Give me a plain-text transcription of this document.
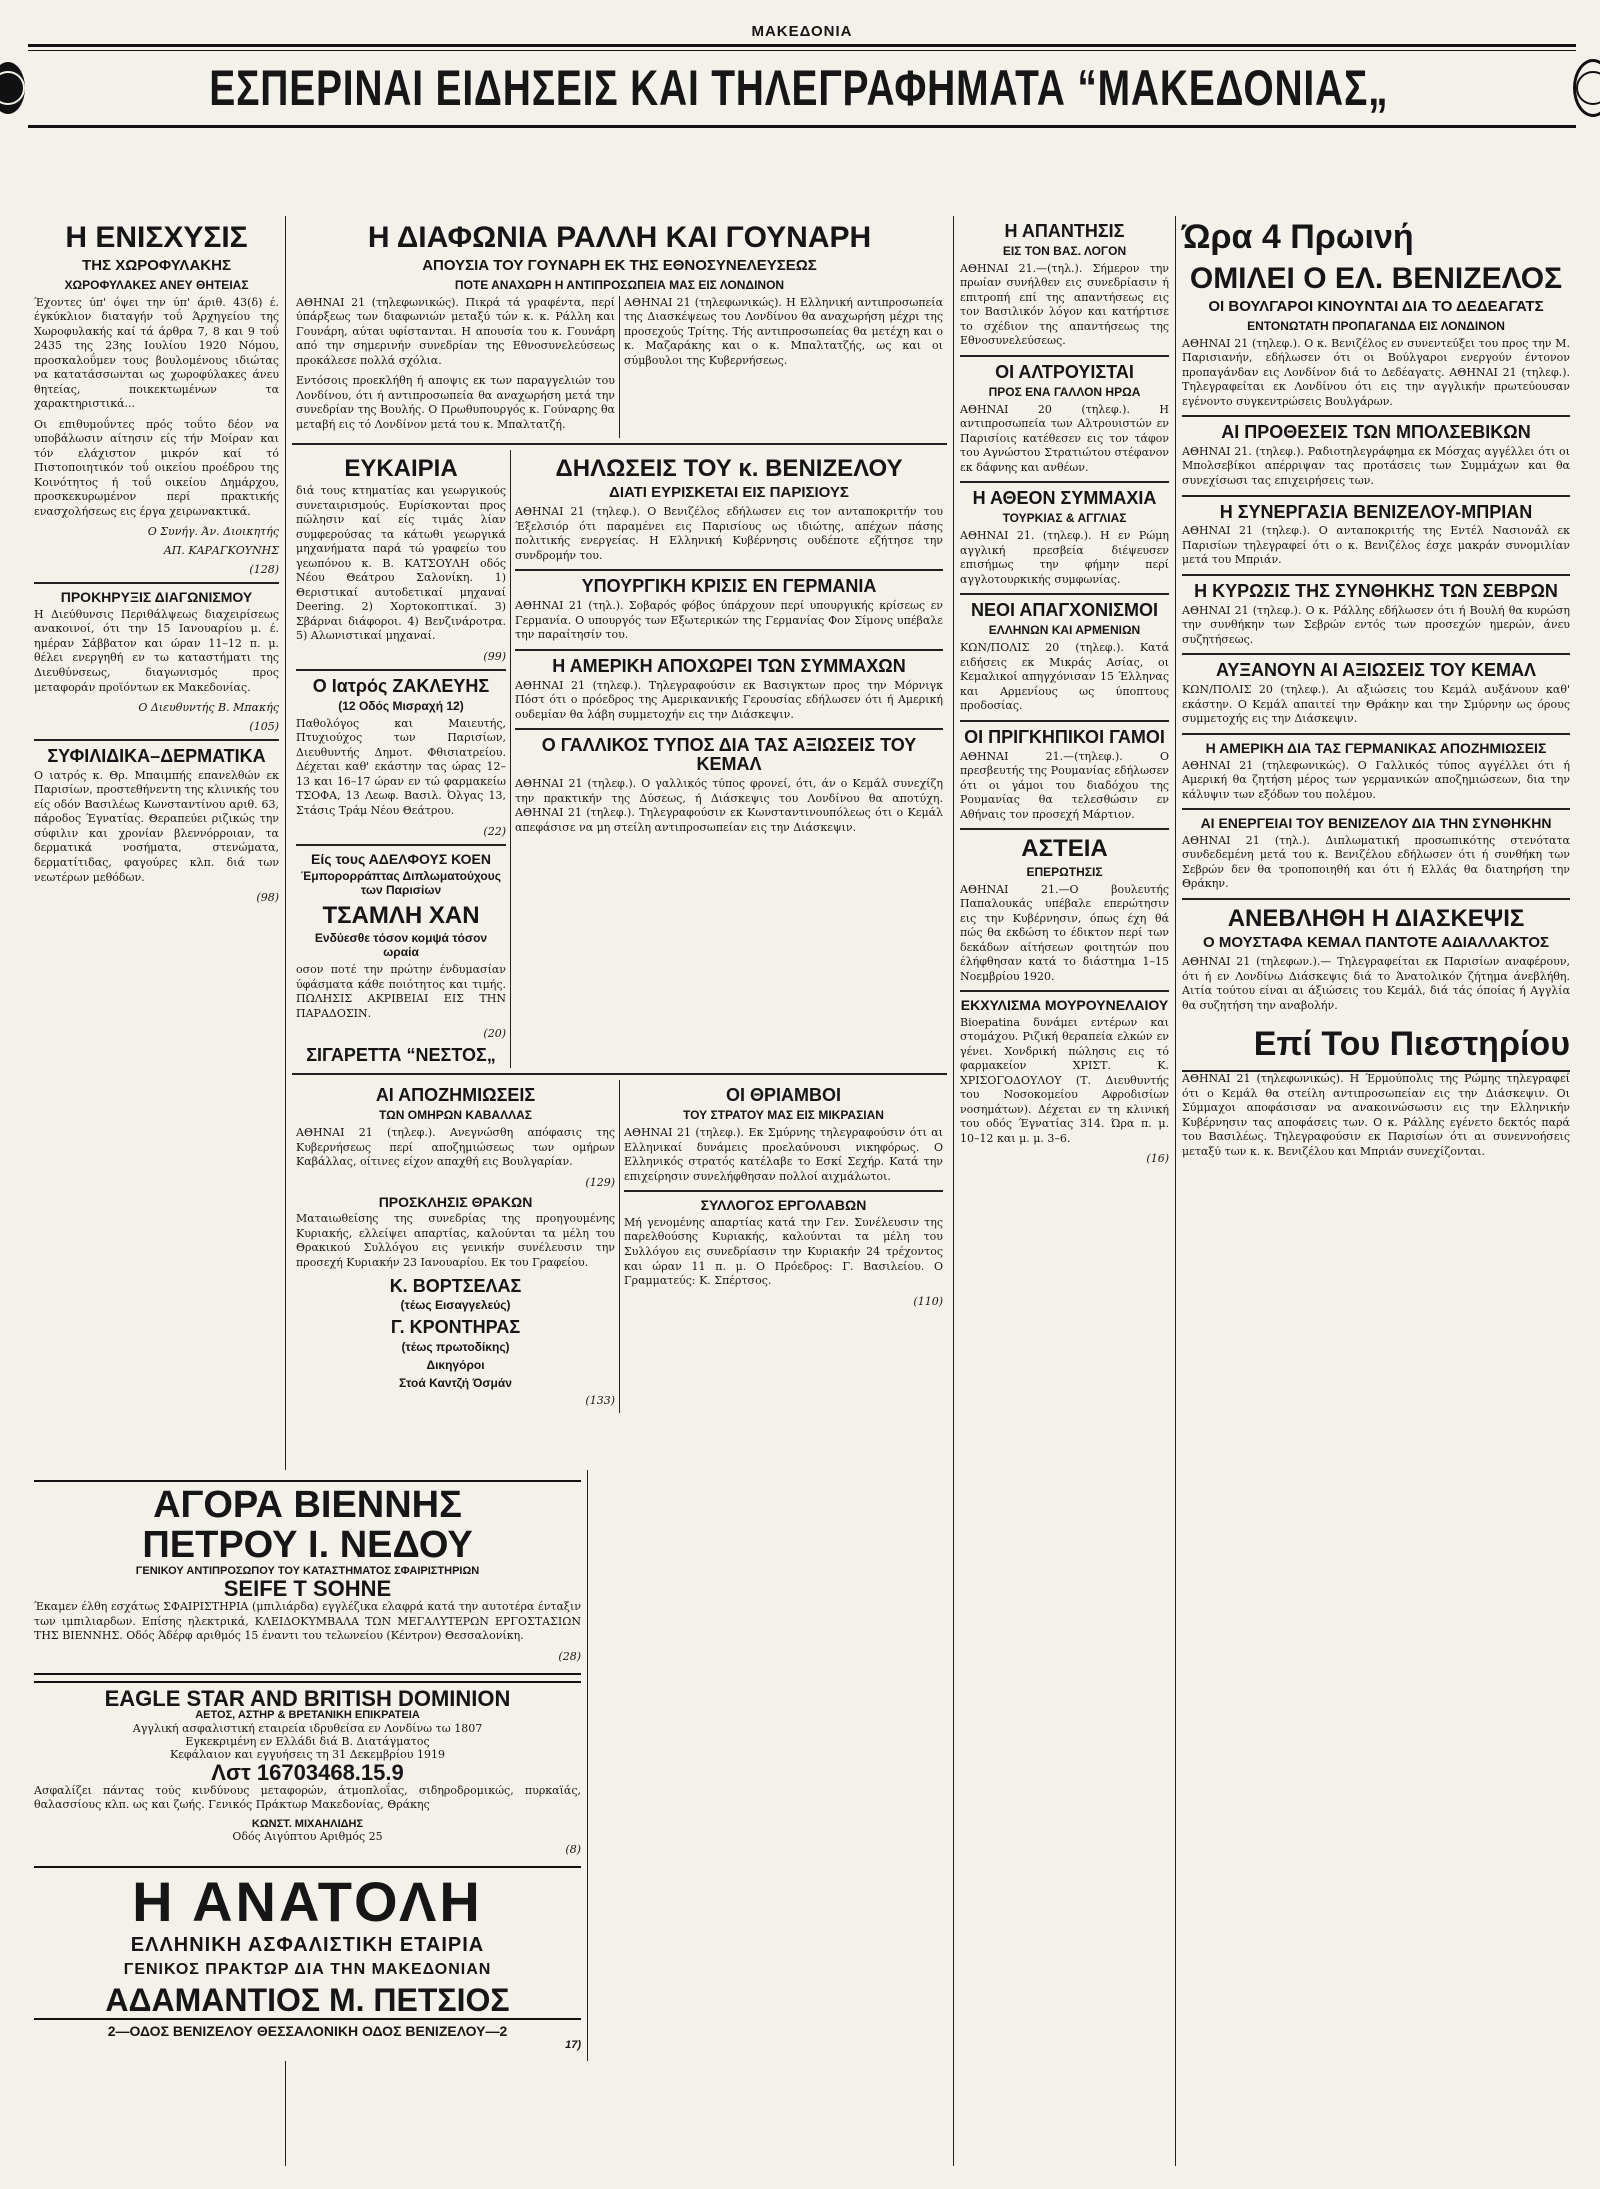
ΜΑΚΕΔΟΝΙΑ
ΕΣΠΕΡΙΝΑΙ ΕΙΔΗΣΕΙΣ ΚΑΙ ΤΗΛΕΓΡΑΦΗΜΑΤΑ “ΜΑΚΕΔΟΝΙΑΣ„
Η ΕΝΙΣΧΥΣΙΣ
ΤΗΣ ΧΩΡΟΦΥΛΑΚΗΣ
ΧΩΡΟΦΥΛΑΚΕΣ ΑΝΕΥ ΘΗΤΕΙΑΣ

Έχοντες ύπ' όψει την ύπ' άριθ. 43(δ) έ. έγκύκλιον διαταγήν τοΰ Άρχηγείου της Χωροφυλακής καί τά άρθρα 7, 8 και 9 τοΰ 2435 της 23ης Ιουλίου 1920 Νόμου, προσκαλοΰμεν τους βουλομένους ιδιώτας να κατατάσσωνται ως χωροφύλακες άνευ θητείας, ποικεκτωμένων τα χαρακτηριστικά...

Οι επιθυμοΰντες πρός τοΰτο δέον να υποβάλωσιν αίτησιν είς τήν Μοίραν και τόν ελάχιστον μικρόν καί τό Πιστοποιητικόν τοΰ οικείου προέδρου της Κοινότητος ή τοΰ οικείου Δημάρχου, προσκεκυρωμένον περί πρακτικής ενασχολήσεως εις έργα χειρωνακτικά.

Ο Συνήγ. Άν. Διοικητής
ΑΠ. ΚΑΡΑΓΚΟΥΝΗΣ
(128)
ΠΡΟΚΗΡΥΞΙΣ ΔΙΑΓΩΝΙΣΜΟΥ

Η Διεύθυνσις Περιθάλψεως διαχειρίσεως ανακοινοί, ότι την 15 Ιανουαρίου μ. έ. ημέραν Σάββατον και ώραν 11–12 π. μ. θέλει ενεργηθή εν τω καταστήματι της Διευθύνσεως, διαγωνισμός προς μεταφοράν προϊόντων εκ Μακεδονίας.

Ο Διευθυντής Β. Μπακής
(105)
ΣΥΦΙΛΙΔΙΚΑ–ΔΕΡΜΑΤΙΚΑ

Ο ιατρός κ. Θρ. Μπαιμπής επανελθών εκ Παρισίων, προστεθήνεντη της κλινικής του είς οδόν Βασιλέως Κωνσταντίνου αριθ. 63, πάροδος Έγνατίας. Θεραπεύει ριζικώς την σύφιλιν και χρονίαν βλεννόρροιαν, τα δερματικά νοσήματα, στενώματα, δερματίτιδας, φαγούρες κλπ. διά των νεωτέρων μεθόδων.

(98)
Η ΔΙΑΦΩΝΙΑ ΡΑΛΛΗ ΚΑΙ ΓΟΥΝΑΡΗ
ΑΠΟΥΣΙΑ ΤΟΥ ΓΟΥΝΑΡΗ ΕΚ ΤΗΣ ΕΘΝΟΣΥΝΕΛΕΥΣΕΩΣ
ΠΟΤΕ ΑΝΑΧΩΡΗ Η ΑΝΤΙΠΡΟΣΩΠΕΙΑ ΜΑΣ ΕΙΣ ΛΟΝΔΙΝΟΝ

ΑΘΗΝΑΙ 21 (τηλεφωνικώς). Πικρά τά γραφέντα, περί ύπάρξεως των διαφωνιών μεταξύ τών κ. κ. Ράλλη και Γουνάρη, αύται υφίστανται. Η απουσία του κ. Γουνάρη από την σημερινήν συνεδρίαν της Εθνοσυνελεύσεως προκάλεσε πολλά σχόλια.

Εντόσοις προεκλήθη ή αποψις εκ των παραγγελιών του Λονδίνου, ότι ή αντιπροσωπεία θα αναχωρήση μετά την συνεδρίαν της Βουλής. Ο Πρωθυπουργός κ. Γούναρης θα μεταβή εις τό Λονδίνον μετά του κ. Μπαλτατζή.

ΑΘΗΝΑΙ 21 (τηλεφωνικώς). Η Ελληνική αντιπροσωπεία της Διασκέψεως του Λονδίνου θα αναχωρήση μέχρι της προσεχούς Τρίτης. Τής αντιπροσωπείας θα μετέχη και ο κ. Μαζαράκης και ο κ. Μπαλτατζής, ως και οι σύμβουλοι της Κυβερνήσεως.

ΕΥΚΑΙΡΙΑ

διά τους κτηματίας και γεωργικούς συνεταιρισμούς. Ευρίσκονται προς πώλησιν καί είς τιμάς λίαν συμφερούσας τα κάτωθι γεωργικά μηχανήματα παρά τώ γραφείω του γεωπόνου κ. Β. ΚΑΤΣΟΥΛΗ οδός Νέου Θεάτρου Σαλονίκη. 1) Θεριστικαί αυτοδετικαί μηχαναί Deering. 2) Χορτοκοπτικαί. 3) Σβάρναι διάφοροι. 4) Βενζινάροτρα. 5) Αλωνιστικαί μηχαναί.

(99)
Ο Ιατρός ΖΑΚΛΕΥΗΣ
(12 Οδός Μισραχή 12)

Παθολόγος και Μαιευτής, Πτυχιούχος των Παρισίων, Διευθυντής Δημοτ. Φθισιατρείου. Δέχεται καθ' εκάστην τας ώρας 12–13 και 16–17 ώραν εν τώ φαρμακείω ΤΣΟΦΑ, 13 Λεωφ. Βασιλ. Όλγας 13, Στάσις Τράμ Νέου Θεάτρου.

(22)
Είς τους ΑΔΕΛΦΟΥΣ ΚΟΕΝ
Έμπορορράπτας Διπλωματούχους των Παρισίων
ΤΣΑΜΛΗ ΧΑΝ
Ενδύεσθε τόσον κομψά τόσον ωραία

οσον ποτέ την πρώτην ένδυμασίαν ύφάσματα κάθε ποιότητος και τιμής. ΠΩΛΗΣΙΣ ΑΚΡΙΒΕΙΑΙ ΕΙΣ ΤΗΝ ΠΑΡΑΔΟΣΙΝ.

(20)
ΣΙΓΑΡΕΤΤΑ “ΝΕΣΤΟΣ„
ΔΗΛΩΣΕΙΣ ΤΟΥ κ. ΒΕΝΙΖΕΛΟΥ
ΔΙΑΤΙ ΕΥΡΙΣΚΕΤΑΙ ΕΙΣ ΠΑΡΙΣΙΟΥΣ

ΑΘΗΝΑΙ 21 (τηλεφ.). Ο Βενιζέλος εδήλωσεν εις τον ανταποκριτήν του Έξελσιόρ ότι παραμένει εις Παρισίους ως ιδιώτης, απέχων πάσης πολιτικής ενεργείας. Η Ελληνική Κυβέρνησις ουδέποτε εζήτησε την συνδρομήν του.

ΥΠΟΥΡΓΙΚΗ ΚΡΙΣΙΣ ΕΝ ΓΕΡΜΑΝΙΑ

ΑΘΗΝΑΙ 21 (τηλ.). Σοβαρός φόβος ύπάρχουν περί υπουργικής κρίσεως εν Γερμανία. Ο υπουργός των Εξωτερικών της Γερμανίας Φον Σίμονς υπέβαλε την παραίτησίν του.

Η ΑΜΕΡΙΚΗ ΑΠΟΧΩΡΕΙ ΤΩΝ ΣΥΜΜΑΧΩΝ

ΑΘΗΝΑΙ 21 (τηλεφ.). Τηλεγραφούσιν εκ Βασιγκτων προς την Μόρνιγκ Πόστ ότι ο πρόεδρος της Αμερικανικής Γερουσίας εδήλωσεν ότι ή Αμερική ουδεμίαν θα λάβη συμμετοχήν εις την Διάσκεψιν.

Ο ΓΑΛΛΙΚΟΣ ΤΥΠΟΣ ΔΙΑ ΤΑΣ ΑΞΙΩΣΕΙΣ ΤΟΥ ΚΕΜΑΛ

ΑΘΗΝΑΙ 21 (τηλεφ.). Ο γαλλικός τύπος φρονεί, ότι, άν ο Κεμάλ συνεχίζη την πρακτικήν της Δύσεως, ή Διάσκεψις του Λονδίνου θα αποτύχη. ΑΘΗΝΑΙ 21 (τηλεφ.). Τηλεγραφούσιν εκ Κωνσταντινουπόλεως ότι ο Κεμάλ απεφάσισε να μη στείλη αντιπροσωπείαν εις την Διάσκεψιν.

ΑΙ ΑΠΟΖΗΜΙΩΣΕΙΣ
ΤΩΝ ΟΜΗΡΩΝ ΚΑΒΑΛΛΑΣ

ΑΘΗΝΑΙ 21 (τηλεφ.). Ανεγνώσθη απόφασις της Κυβερνήσεως περί αποζημιώσεως των ομήρων Καβάλλας, οίτινες είχον απαχθή εις Βουλγαρίαν.

(129)
ΠΡΟΣΚΛΗΣΙΣ ΘΡΑΚΩΝ

Ματαιωθείσης της συνεδρίας της προηγουμένης Κυριακής, ελλείψει απαρτίας, καλούνται τα μέλη του Θρακικού Συλλόγου εις γενικήν συνέλευσιν την προσεχή Κυριακήν 23 Ιανουαρίου. Εκ του Γραφείου.

Κ. ΒΟΡΤΣΕΛΑΣ
(τέως Εισαγγελεύς)
Γ. ΚΡΟΝΤΗΡΑΣ
(τέως πρωτοδίκης)
Δικηγόροι
Στοά Καντζή Όσμάν
(133)
ΟΙ ΘΡΙΑΜΒΟΙ
ΤΟΥ ΣΤΡΑΤΟΥ ΜΑΣ ΕΙΣ ΜΙΚΡΑΣΙΑΝ

ΑΘΗΝΑΙ 21 (τηλεφ.). Εκ Σμύρνης τηλεγραφούσιν ότι αι Ελληνικαί δυνάμεις προελαύνουσι νικηφόρως. Ο Ελληνικός στρατός κατέλαβε το Εσκί Σεχήρ. Κατά την επιχείρησιν συνελήφθησαν πολλοί αιχμάλωτοι.

ΣΥΛΛΟΓΟΣ ΕΡΓΟΛΑΒΩΝ

Μή γενομένης απαρτίας κατά την Γεν. Συνέλευσιν της παρελθούσης Κυριακής, καλούνται τα μέλη του Συλλόγου εις συνεδρίασιν την Κυριακήν 24 τρέχοντος και ώραν 11 π. μ. Ο Πρόεδρος: Γ. Βασιλείου. Ο Γραμματεύς: Κ. Σπέρτσος.

(110)
Η ΑΠΑΝΤΗΣΙΣ
ΕΙΣ ΤΟΝ ΒΑΣ. ΛΟΓΟΝ

ΑΘΗΝΑΙ 21.—(τηλ.). Σήμερον την πρωίαν συνήλθεν εις συνεδρίασιν ή επιτροπή επί της απαντήσεως εις τον Βασιλικόν λόγον και κατήρτισε το σχέδιον της απαντήσεως της Εθνοσυνελεύσεως.

ΟΙ ΑΛΤΡΟΥΙΣΤΑΙ
ΠΡΟΣ ΕΝΑ ΓΑΛΛΟΝ ΗΡΩΑ

ΑΘΗΝΑΙ 20 (τηλεφ.). Η αντιπροσωπεία των Αλτρουιστών εν Παρισίοις κατέθεσεν εις τον τάφον του Αγνώστου Στρατιώτου στέφανον εκ δάφνης και ανθέων.

Η ΑΘΕΟΝ ΣΥΜΜΑΧΙΑ
ΤΟΥΡΚΙΑΣ & ΑΓΓΛΙΑΣ

ΑΘΗΝΑΙ 21. (τηλεφ.). Η εν Ρώμη αγγλική πρεσβεία διέψευσεν επισήμως την φήμην περί αγγλοτουρκικής συμφωνίας.

ΝΕΟΙ ΑΠΑΓΧΟΝΙΣΜΟΙ
ΕΛΛΗΝΩΝ ΚΑΙ ΑΡΜΕΝΙΩΝ

ΚΩΝ/ΠΟΛΙΣ 20 (τηλεφ.). Κατά ειδήσεις εκ Μικράς Ασίας, οι Κεμαλικοί απηγχόνισαν 15 Έλληνας και Αρμενίους ως ύποπτους προδοσίας.

ΟΙ ΠΡΙΓΚΗΠΙΚΟΙ ΓΑΜΟΙ

ΑΘΗΝΑΙ 21.—(τηλεφ.). Ο πρεσβευτής της Ρουμανίας εδήλωσεν ότι οι γάμοι του διαδόχου της Ρουμανίας θα τελεσθώσιν εν Αθήναις τον προσεχή Μάρτιον.

ΑΣΤΕΙΑ
ΕΠΕΡΩΤΗΣΙΣ

ΑΘΗΝΑΙ 21.—Ο βουλευτής Παπαλουκάς υπέβαλε επερώτησιν εις την Κυβέρνησιν, όπως έχη θά πώς θα εκδώση το έδικτον περί των δεκάδων αίτήσεων φοιτητών που έλήφθησαν κατά το διάστημα 1–15 Νοεμβρίου 1920.

ΕΚΧΥΛΙΣΜΑ ΜΟΥΡΟΥΝΕΛΑΙΟΥ

Bioepatina δυνάμει εντέρων και στομάχου. Ριζική θεραπεία ελκών εν γένει. Χονδρική πώλησις εις τό φαρμακείον ΧΡΙΣΤ. Κ. ΧΡΙΣΟΓΟΔΟΥΛΟΥ (Τ. Διευθυντής του Νοσοκομείου Αφροδισίων νοσημάτων). Δέχεται εν τη κλινική του οδός Έγνατίας 314. Ώρα π. μ. 10–12 και μ. μ. 3–6.

(16)
Ώρα 4 Πρωινή
ΟΜΙΛΕΙ Ο ΕΛ. ΒΕΝΙΖΕΛΟΣ
ΟΙ ΒΟΥΛΓΑΡΟΙ ΚΙΝΟΥΝΤΑΙ ΔΙΑ ΤΟ ΔΕΔΕΑΓΑΤΣ
ΕΝΤΟΝΩΤΑΤΗ ΠΡΟΠΑΓΑΝΔΑ ΕΙΣ ΛΟΝΔΙΝΟΝ

ΑΘΗΝΑΙ 21 (τηλεφ.). Ο κ. Βενιζέλος εν συνεντεύξει του προς την Μ. Παρισιανήν, εδήλωσεν ότι οι Βούλγαροι ενεργούν έντονον προπαγάνδαν εις Λονδίνον διά το Δεδέαγατς. ΑΘΗΝΑΙ 21 (τηλεφ.). Τηλεγραφείται εκ Λονδίνου ότι εις την αγγλικήν πρωτεύουσαν εγένοντο συγκεντρώσεις Βουλγάρων.

ΑΙ ΠΡΟΘΕΣΕΙΣ ΤΩΝ ΜΠΟΛΣΕΒΙΚΩΝ

ΑΘΗΝΑΙ 21. (τηλεφ.). Ραδιοτηλεγράφημα εκ Μόσχας αγγέλλει ότι οι Μπολσεβίκοι απέρριψαν τας προτάσεις των Συμμάχων και θα συνεχίσωσι τας επιχειρήσεις των.

Η ΣΥΝΕΡΓΑΣΙΑ ΒΕΝΙΖΕΛΟΥ-ΜΠΡΙΑΝ

ΑΘΗΝΑΙ 21 (τηλεφ.). Ο ανταποκριτής της Εντέλ Νασιονάλ εκ Παρισίων τηλεγραφεί ότι ο κ. Βενιζέλος έσχε μακράν συνομιλίαν μετά του Μπριάν.

Η ΚΥΡΩΣΙΣ ΤΗΣ ΣΥΝΘΗΚΗΣ ΤΩΝ ΣΕΒΡΩΝ

ΑΘΗΝΑΙ 21 (τηλεφ.). Ο κ. Ράλλης εδήλωσεν ότι ή Βουλή θα κυρώση την συνθήκην των Σεβρών εντός των προσεχών ημερών, άνευ συζητήσεως.

ΑΥΞΑΝΟΥΝ ΑΙ ΑΞΙΩΣΕΙΣ ΤΟΥ ΚΕΜΑΛ

ΚΩΝ/ΠΟΛΙΣ 20 (τηλεφ.). Αι αξιώσεις του Κεμάλ αυξάνουν καθ' εκάστην. Ο Κεμάλ απαιτεί την Θράκην και την Σμύρνην ως όρους συμμετοχής εις την Διάσκεψιν.

Η ΑΜΕΡΙΚΗ ΔΙΑ ΤΑΣ ΓΕΡΜΑΝΙΚΑΣ ΑΠΟΖΗΜΙΩΣΕΙΣ

ΑΘΗΝΑΙ 21 (τηλεφωνικώς). Ο Γαλλικός τύπος αγγέλλει ότι ή Αμερική θα ζητήση μέρος των γερμανικών αποζημιώσεων, δια την κάλυψιν των εξόδων του πολέμου.

ΑΙ ΕΝΕΡΓΕΙΑΙ ΤΟΥ ΒΕΝΙΖΕΛΟΥ ΔΙΑ ΤΗΝ ΣΥΝΘΗΚΗΝ

ΑΘΗΝΑΙ 21 (τηλ.). Διπλωματική προσωπικότης στενότατα συνδεδεμένη μετά του κ. Βενιζέλου εδήλωσεν ότι ή συνθήκη των Σεβρών δεν θα τροποποιηθή και ότι ή Ελλάς θα διατηρήση την Θράκην.

ΑΝΕΒΛΗΘΗ Η ΔΙΑΣΚΕΨΙΣ
Ο ΜΟΥΣΤΑΦΑ ΚΕΜΑΛ ΠΑΝΤΟΤΕ ΑΔΙΑΛΛΑΚΤΟΣ

ΑΘΗΝΑΙ 21 (τηλεφων.).— Τηλεγραφείται εκ Παρισίων αναφέρουν, ότι ή εν Λονδίνω Διάσκεψις διά το Άνατολικόν ζήτημα άνεβλήθη. Αιτία τούτου είναι αι άξιώσεις του Κεμάλ, διά τάς όποίας ή Αγγλία θα συζητήση την αναβολήν.

Επί Του Πιεστηρίου

ΑΘΗΝΑΙ 21 (τηλεφωνικώς). Η Έρμούπολις της Ρώμης τηλεγραφεί ότι ο Κεμάλ θα στείλη αντιπροσωπείαν εις την Διάσκεψιν. Οι Σύμμαχοι αποφάσισαν να ανακοινώσωσιν εις την Ελληνικήν Κυβέρνησιν τας αποφάσεις των. Ο κ. Ράλλης εγένετο δεκτός παρά του Βασιλέως. Τηλεγραφούσιν εκ Παρισίων ότι αι συνεννοήσεις μεταξύ των κ. κ. Βενιζέλου και Μπριάν συνεχίζονται.

ΑΓΟΡΑ ΒΙΕΝΝΗΣ
ΠΕΤΡΟΥ Ι. ΝΕΔΟΥ
ΓΕΝΙΚΟΥ ΑΝΤΙΠΡΟΣΩΠΟΥ ΤΟΥ ΚΑΤΑΣΤΗΜΑΤΟΣ ΣΦΑΙΡΙΣΤΗΡΙΩΝ
SEIFE T SOHNE

Έκαμεν έλθη εσχάτως ΣΦΑΙΡΙΣΤΗΡΙΑ (μπιλιάρδα) εγγλέζικα ελαφρά κατά την αυτοτέρα ένταξιν των ιμπιλιαρδων. Επίσης ηλεκτρικά, ΚΛΕΙΔΟΚΥΜΒΑΛΑ ΤΩΝ ΜΕΓΑΛΥΤΕΡΩΝ ΕΡΓΟΣΤΑΣΙΩΝ ΤΗΣ ΒΙΕΝΝΗΣ. Οδός Άδέρφ αριθμός 15 έναντι του τελωνείου (Κέντρον) Θεσσαλονίκη.

(28)
EAGLE STAR AND BRITISH DOMINION
ΑΕΤΟΣ, ΑΣΤΗΡ & ΒΡΕΤΑΝΙΚΗ ΕΠΙΚΡΑΤΕΙΑ
Αγγλική ασφαλιστική εταιρεία ιδρυθείσα εν Λονδίνω τω 1807
Εγκεκριμένη εν Ελλάδι διά Β. Διατάγματος
Κεφάλαιον και εγγυήσεις τη 31 Δεκεμβρίου 1919
Λστ 16703468.15.9

Ασφαλίζει πάντας τούς κινδύνους μεταφορών, άτμοπλοΐας, σιδηροδρομικώς, πυρκαϊάς, θαλασσίους κλπ. ως και ζωής. Γενικός Πράκτωρ Μακεδονίας, Θράκης

ΚΩΝΣΤ. ΜΙΧΑΗΛΙΔΗΣ
Οδός Αιγύπτου Αριθμός 25
(8)
Η ΑΝΑΤΟΛΗ
ΕΛΛΗΝΙΚΗ ΑΣΦΑΛΙΣΤΙΚΗ ΕΤΑΙΡΙΑ
ΓΕΝΙΚΟΣ ΠΡΑΚΤΩΡ ΔΙΑ ΤΗΝ ΜΑΚΕΔΟΝΙΑΝ
ΑΔΑΜΑΝΤΙΟΣ Μ. ΠΕΤΣΙΟΣ
2—ΟΔΟΣ ΒΕΝΙΖΕΛΟΥ ΘΕΣΣΑΛΟΝΙΚΗ ΟΔΟΣ ΒΕΝΙΖΕΛΟΥ—2
17)
